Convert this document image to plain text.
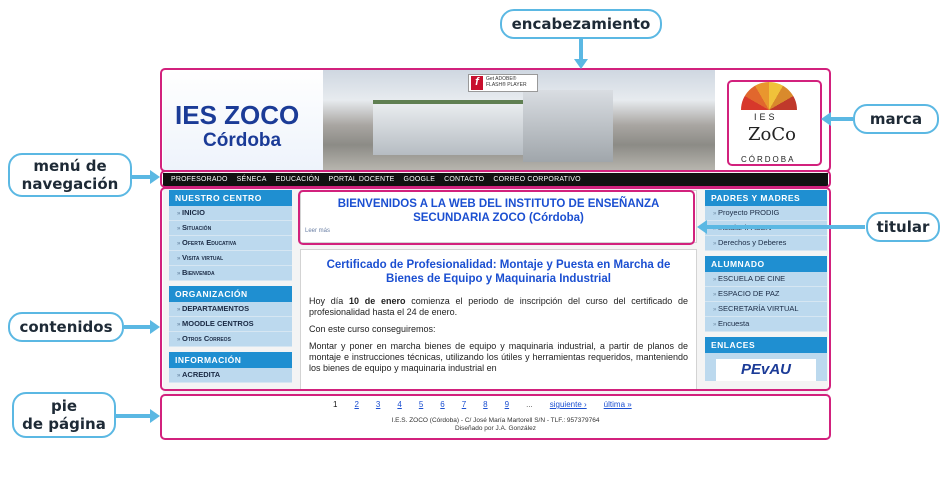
IES ZOCO
Córdoba
f Get ADOBE® FLASH® PLAYER
IES
ZoCo
CÓRDOBA
PROFESORADO SÉNECA EDUCACIÓN PORTAL DOCENTE GOOGLE CONTACTO CORREO CORPORATIVO
NUESTRO CENTRO
» INICIO
» Situación
» Oferta Educativa
» Visita virtual
» Bienvenida
ORGANIZACIÓN
» DEPARTAMENTOS
» MOODLE CENTROS
» Otros Correos
INFORMACIÓN
» ACREDITA
BIENVENIDOS A LA WEB DEL INSTITUTO DE ENSEÑANZA SECUNDARIA ZOCO (Córdoba)
Leer más
Certificado de Profesionalidad: Montaje y Puesta en Marcha de Bienes de Equipo y Maquinaria Industrial

Hoy día 10 de enero comienza el periodo de inscripción del curso del certificado de profesionalidad hasta el 24 de enero.

Con este curso conseguiremos:

Montar y poner en marcha bienes de equipo y maquinaria industrial, a partir de planos de montaje e instrucciones técnicas, utilizando los útiles y herramientas requeridos, manteniendo los bienes de equipo y maquinaria industrial en

PADRES Y MADRES
» Proyecto PRODIG
»
» Derechos y Deberes
ALUMNADO
» ESCUELA DE CINE
» ESPACIO DE PAZ
» SECRETARÍA VIRTUAL
» Encuesta
ENLACES
PEvAU
1 2 3 4 5 6 7 8 9 ... siguiente › última »
I.E.S. ZOCO (Córdoba) - C/ José María Martorell S/N - TLF.: 957379764
Diseñado por J.A. González
encabezamiento
marca
menú de
navegación
titular
contenidos
pie
de página
